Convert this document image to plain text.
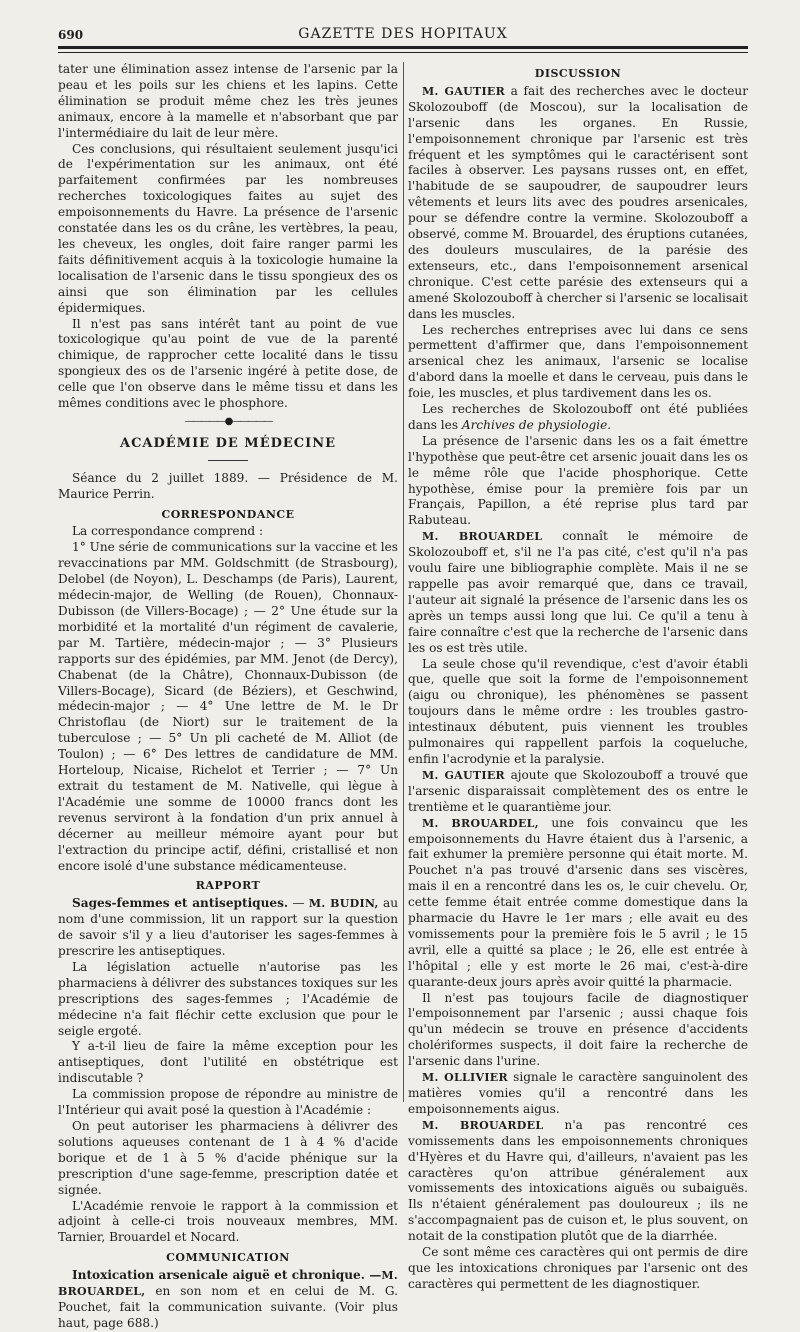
690	GAZETTE DES HOPITAUX

tater une élimination assez intense de l'arsenic par la peau et les poils sur les chiens et les lapins. Cette élimination se produit même chez les très jeunes animaux, encore à la mamelle et n'absorbant que par l'intermédiaire du lait de leur mère.

Ces conclusions, qui résultaient seulement jusqu'ici de l'expérimentation sur les animaux, ont été parfaitement confirmées par les nombreuses recherches toxicologiques faites au sujet des empoisonnements du Havre. La présence de l'arsenic constatée dans les os du crâne, les vertèbres, la peau, les cheveux, les ongles, doit faire ranger parmi les faits définitivement acquis à la toxicologie humaine la localisation de l'arsenic dans le tissu spongieux des os ainsi que son élimination par les cellules épidermiques.

Il n'est pas sans intérêt tant au point de vue toxicologique qu'au point de vue de la parenté chimique, de rapprocher cette localité dans le tissu spongieux des os de l'arsenic ingéré à petite dose, de celle que l'on observe dans le même tissu et dans les mêmes conditions avec le phosphore.

—————●—————
ACADÉMIE DE MÉDECINE

Séance du 2 juillet 1889. — Présidence de M. Maurice Perrin.

CORRESPONDANCE

La correspondance comprend :

1° Une série de communications sur la vaccine et les revaccinations par MM. Goldschmitt (de Strasbourg), Delobel (de Noyon), L. Deschamps (de Paris), Laurent, médecin-major, de Welling (de Rouen), Chonnaux-Dubisson (de Villers-Bocage) ; — 2° Une étude sur la morbidité et la mortalité d'un régiment de cavalerie, par M. Tartière, médecin-major ; — 3° Plusieurs rapports sur des épidémies, par MM. Jenot (de Dercy), Chabenat (de la Châtre), Chonnaux-Dubisson (de Villers-Bocage), Sicard (de Béziers), et Geschwind, médecin-major ; — 4° Une lettre de M. le Dr Christoflau (de Niort) sur le traitement de la tuberculose ; — 5° Un pli cacheté de M. Alliot (de Toulon) ; — 6° Des lettres de candidature de MM. Horteloup, Nicaise, Richelot et Terrier ; — 7° Un extrait du testament de M. Nativelle, qui lègue à l'Académie une somme de 10000 francs dont les revenus serviront à la fondation d'un prix annuel à décerner au meilleur mémoire ayant pour but l'extraction du principe actif, défini, cristallisé et non encore isolé d'une substance médicamenteuse.

RAPPORT

Sages-femmes et antiseptiques. — M. BUDIN, au nom d'une commission, lit un rapport sur la question de savoir s'il y a lieu d'autoriser les sages-femmes à prescrire les antiseptiques.

La législation actuelle n'autorise pas les pharmaciens à délivrer des substances toxiques sur les prescriptions des sages-femmes ; l'Académie de médecine n'a fait fléchir cette exclusion que pour le seigle ergoté.

Y a-t-il lieu de faire la même exception pour les antiseptiques, dont l'utilité en obstétrique est indiscutable ?

La commission propose de répondre au ministre de l'Intérieur qui avait posé la question à l'Académie :

On peut autoriser les pharmaciens à délivrer des solutions aqueuses contenant de 1 à 4 % d'acide borique et de 1 à 5 % d'acide phénique sur la prescription d'une sage-femme, prescription datée et signée.

L'Académie renvoie le rapport à la commission et adjoint à celle-ci trois nouveaux membres, MM. Tarnier, Brouardel et Nocard.

COMMUNICATION

Intoxication arsenicale aiguë et chronique. —M. BROUARDEL, en son nom et en celui de M. G. Pouchet, fait la communication suivante. (Voir plus haut, page 688.)

DISCUSSION

M. GAUTIER a fait des recherches avec le docteur Skolozouboff (de Moscou), sur la localisation de l'arsenic dans les organes. En Russie, l'empoisonnement chronique par l'arsenic est très fréquent et les symptômes qui le caractérisent sont faciles à observer. Les paysans russes ont, en effet, l'habitude de se saupoudrer, de saupoudrer leurs vêtements et leurs lits avec des poudres arsenicales, pour se défendre contre la vermine. Skolozouboff a observé, comme M. Brouardel, des éruptions cutanées, des douleurs musculaires, de la parésie des extenseurs, etc., dans l'empoisonnement arsenical chronique. C'est cette parésie des extenseurs qui a amené Skolozouboff à chercher si l'arsenic se localisait dans les muscles.

Les recherches entreprises avec lui dans ce sens permettent d'affirmer que, dans l'empoisonnement arsenical chez les animaux, l'arsenic se localise d'abord dans la moelle et dans le cerveau, puis dans le foie, les muscles, et plus tardivement dans les os.

Les recherches de Skolozouboff ont été publiées dans les Archives de physiologie.

La présence de l'arsenic dans les os a fait émettre l'hypothèse que peut-être cet arsenic jouait dans les os le même rôle que l'acide phosphorique. Cette hypothèse, émise pour la première fois par un Français, Papillon, a été reprise plus tard par Rabuteau.

M. BROUARDEL connaît le mémoire de Skolozouboff et, s'il ne l'a pas cité, c'est qu'il n'a pas voulu faire une bibliographie complète. Mais il ne se rappelle pas avoir remarqué que, dans ce travail, l'auteur ait signalé la présence de l'arsenic dans les os après un temps aussi long que lui. Ce qu'il a tenu à faire connaître c'est que la recherche de l'arsenic dans les os est très utile.

La seule chose qu'il revendique, c'est d'avoir établi que, quelle que soit la forme de l'empoisonnement (aigu ou chronique), les phénomènes se passent toujours dans le même ordre : les troubles gastro-intestinaux débutent, puis viennent les troubles pulmonaires qui rappellent parfois la coqueluche, enfin l'acrodynie et la paralysie.

M. GAUTIER ajoute que Skolozouboff a trouvé que l'arsenic disparaissait complètement des os entre le trentième et le quarantième jour.

M. BROUARDEL, une fois convaincu que les empoisonnements du Havre étaient dus à l'arsenic, a fait exhumer la première personne qui était morte. M. Pouchet n'a pas trouvé d'arsenic dans ses viscères, mais il en a rencontré dans les os, le cuir chevelu. Or, cette femme était entrée comme domestique dans la pharmacie du Havre le 1er mars ; elle avait eu des vomissements pour la première fois le 5 avril ; le 15 avril, elle a quitté sa place ; le 26, elle est entrée à l'hôpital ; elle y est morte le 26 mai, c'est-à-dire quarante-deux jours après avoir quitté la pharmacie.

Il n'est pas toujours facile de diagnostiquer l'empoisonnement par l'arsenic ; aussi chaque fois qu'un médecin se trouve en présence d'accidents cholériformes suspects, il doit faire la recherche de l'arsenic dans l'urine.

M. OLLIVIER signale le caractère sanguinolent des matières vomies qu'il a rencontré dans les empoisonnements aigus.

M. BROUARDEL n'a pas rencontré ces vomissements dans les empoisonnements chroniques d'Hyères et du Havre qui, d'ailleurs, n'avaient pas les caractères qu'on attribue généralement aux vomissements des intoxications aiguës ou subaiguës. Ils n'étaient généralement pas douloureux ; ils ne s'accompagnaient pas de cuison et, le plus souvent, on notait de la constipation plutôt que de la diarrhée.

Ce sont même ces caractères qui ont permis de dire que les intoxications chroniques par l'arsenic ont des caractères qui permettent de les diagnostiquer.
